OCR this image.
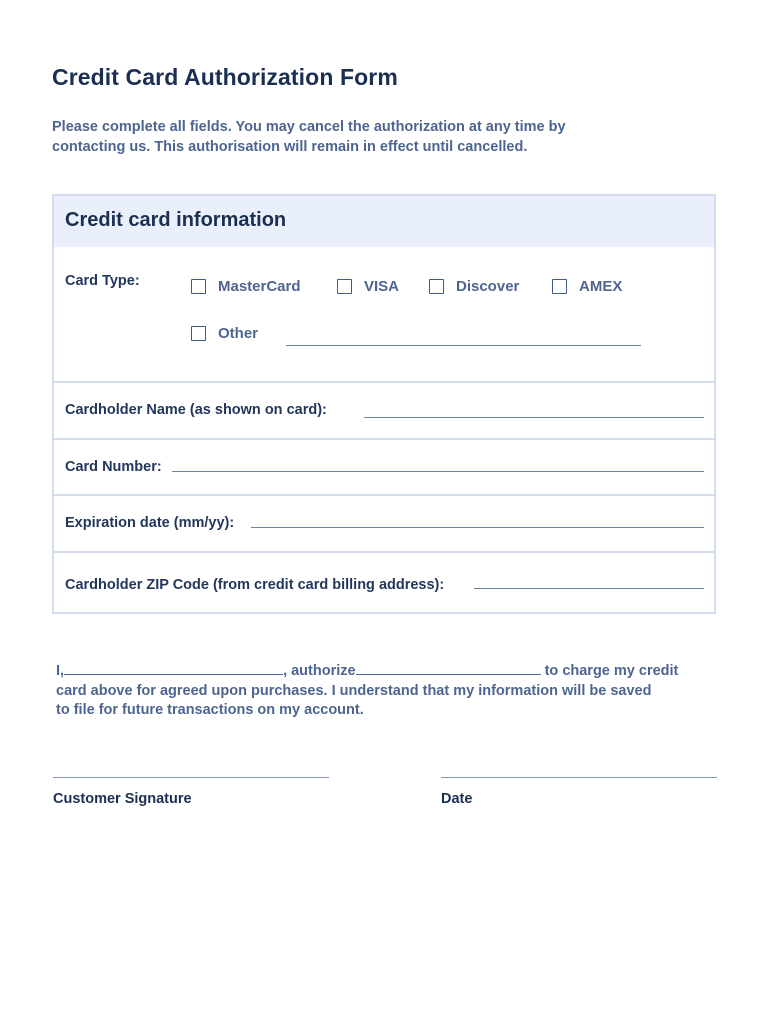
Credit Card Authorization Form

Please complete all fields. You may cancel the authorization at any time by

contacting us. This authorisation will remain in effect until cancelled.

Credit card information
Card Type:	MasterCard	VISA	Discover	AMEX
Other
Cardholder Name (as shown on card):
Card Number:
Expiration date (mm/yy):
Cardholder ZIP Code (from credit card billing address):

I,	, authorize	to charge my credit

card above for agreed upon purchases. I understand that my information will be saved

to file for future transactions on my account.

Customer Signature	Date
